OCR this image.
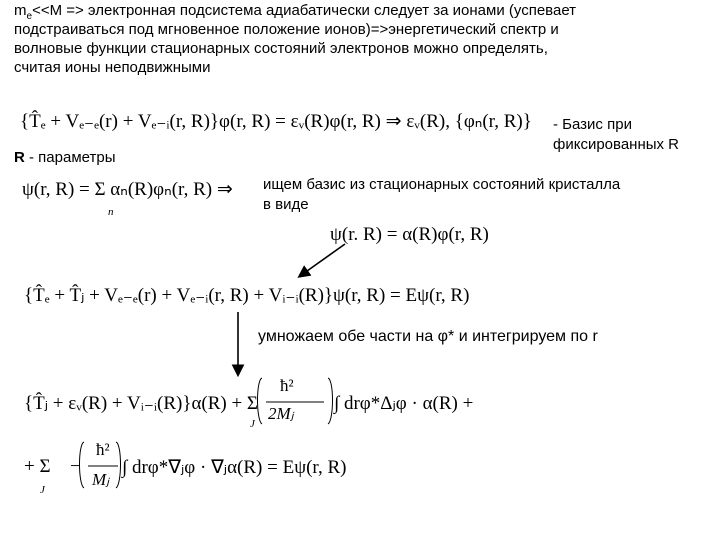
$m_e<<M$ => электронная подсистема адиабатически следует за ионами (успевает
подстраиваться под мгновенное положение ионов)=>энергетический спектр и
волновые функции стационарных состояний электронов можно определять,
считая ионы неподвижными
{T̂ₑ + Vₑ₋ₑ(r) + Vₑ₋ᵢ(r, R)}φ(r, R) = εᵥ(R)φ(r, R) ⇒ εᵥ(R), {φₙ(r, R)} - Базис при
фиксированных R
R - параметры
ψ(r, R) = Σ αₙ(R)φₙ(r, R) ⇒
n
ищем базис из стационарных состояний кристалла
в виде
ψ(r. R) = α(R)φ(r, R)
{T̂ₑ + T̂ⱼ + Vₑ₋ₑ(r) + Vₑ₋ᵢ(r, R) + Vᵢ₋ᵢ(R)}ψ(r, R) = Eψ(r, R)
умножаем обе части на φ* и интегрируем по r
{T̂ⱼ + εᵥ(R) + Vᵢ₋ᵢ(R)}α(R) + Σ
ħ²
2Mⱼ ∫ drφ*Δⱼφ · α(R) +
J
+ Σ −
ħ²
Mⱼ
∫ drφ*∇ⱼφ · ∇ⱼα(R) = Eψ(r, R)
J
